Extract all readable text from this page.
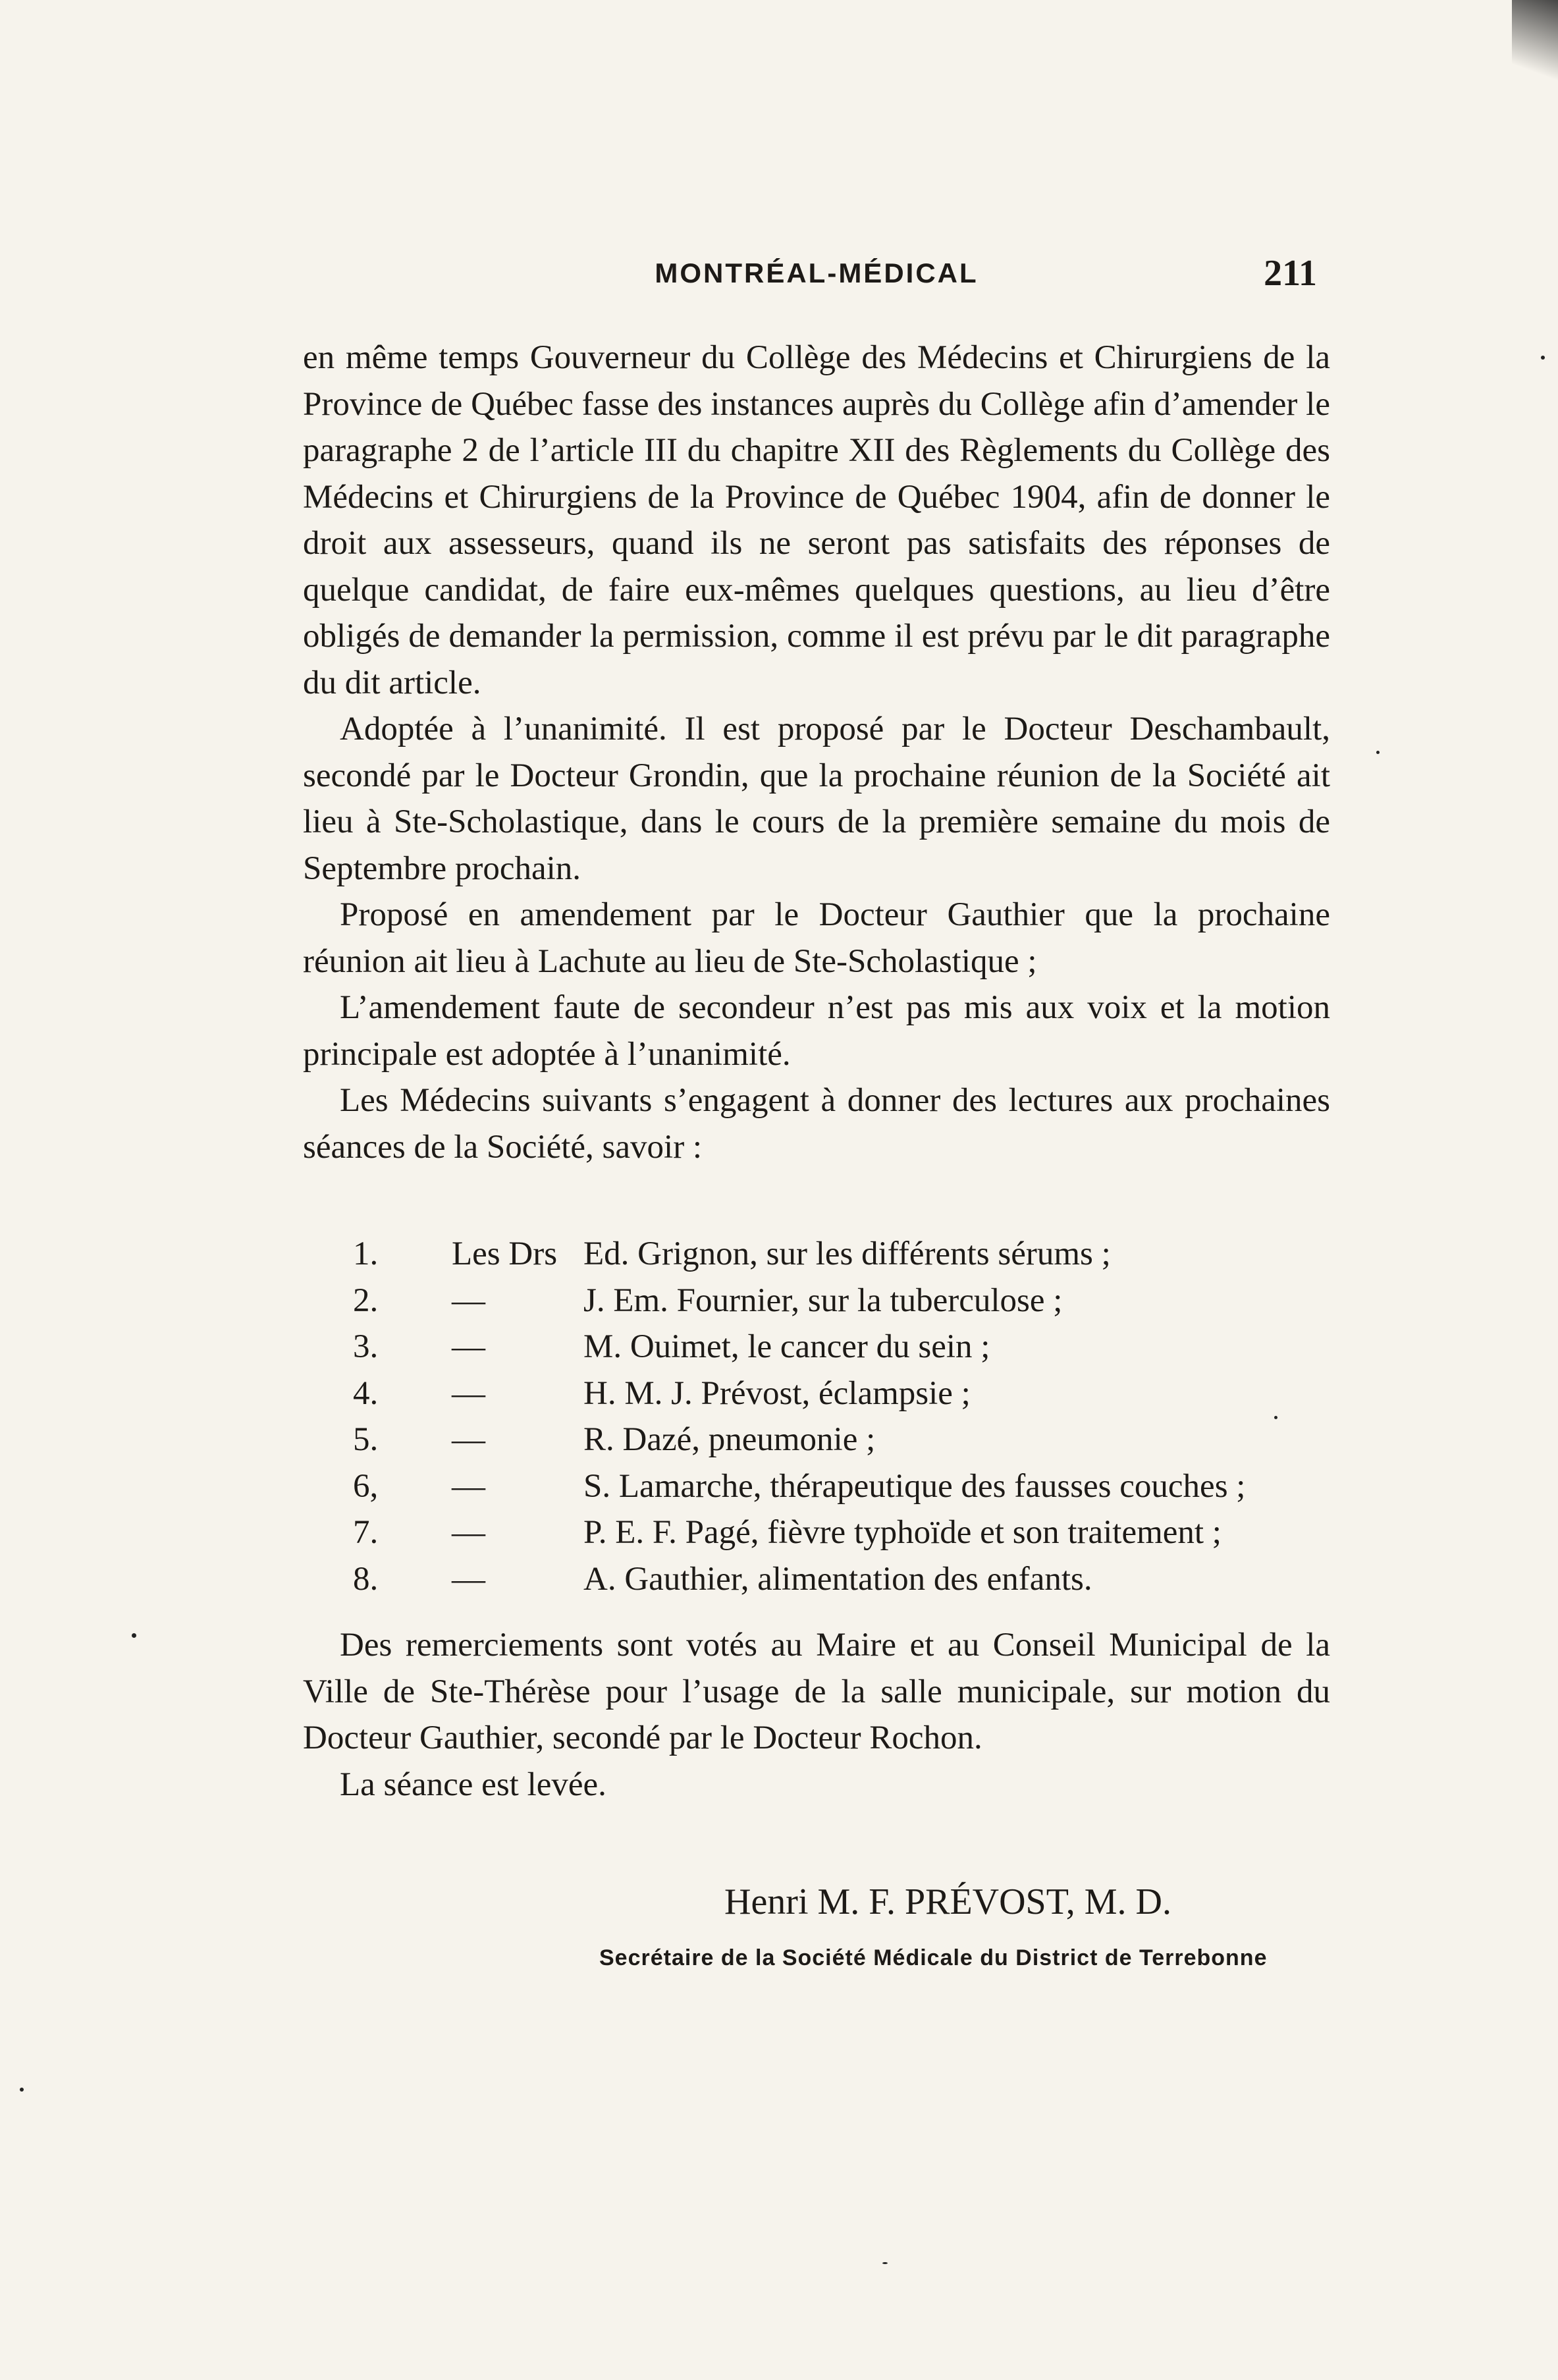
MONTRÉAL-MÉDICAL	211

en même temps Gouverneur du Collège des Médecins et Chirurgiens de la Province de Québec fasse des instances auprès du Collège afin d’amender le paragraphe 2 de l’article III du chapitre XII des Règlements du Collège des Médecins et Chirurgiens de la Province de Québec 1904, afin de donner le droit aux assesseurs, quand ils ne seront pas satisfaits des réponses de quelque candidat, de faire eux-mêmes quelques questions, au lieu d’être obligés de demander la permission, comme il est prévu par le dit paragraphe du dit article.

Adoptée à l’unanimité. Il est proposé par le Docteur Deschambault, secondé par le Docteur Grondin, que la prochaine réunion de la Société ait lieu à Ste-Scholastique, dans le cours de la première semaine du mois de Septembre prochain.

Proposé en amendement par le Docteur Gauthier que la prochaine réunion ait lieu à Lachute au lieu de Ste-Scholastique ;

L’amendement faute de secondeur n’est pas mis aux voix et la motion principale est adoptée à l’unanimité.

Les Médecins suivants s’engagent à donner des lectures aux prochaines séances de la Société, savoir :

1.	Les Drs Ed. Grignon, sur les différents sérums ;
2.	—	J. Em. Fournier, sur la tuberculose ;
3.	—	M. Ouimet, le cancer du sein ;
4.	—	H. M. J. Prévost, éclampsie ;
5.	—	R. Dazé, pneumonie ;
6,	—	S. Lamarche, thérapeutique des fausses couches ;
7.	—	P. E. F. Pagé, fièvre typhoïde et son traitement ;
8.	—	A. Gauthier, alimentation des enfants.

Des remerciements sont votés au Maire et au Conseil Municipal de la Ville de Ste-Thérèse pour l’usage de la salle municipale, sur motion du Docteur Gauthier, secondé par le Docteur Rochon.

La séance est levée.

Henri M. F. PRÉVOST, M. D.
Secrétaire de la Société Médicale du District de Terrebonne
